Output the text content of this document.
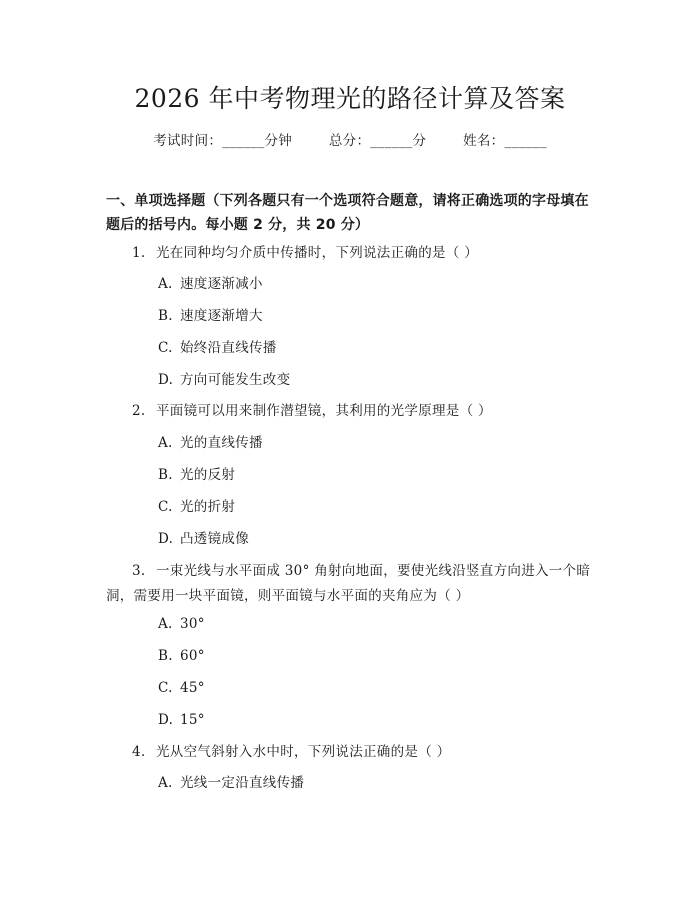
2026 年中考物理光的路径计算及答案
考试时间：______分钟	总分：______分	姓名：______
一、单项选择题（下列各题只有一个选项符合题意，请将正确选项的字母填在题后的括号内。每小题 2 分，共 20 分）
1. 光在同种均匀介质中传播时，下列说法正确的是（ ）
A. 速度逐渐减小
B. 速度逐渐增大
C. 始终沿直线传播
D. 方向可能发生改变
2. 平面镜可以用来制作潜望镜，其利用的光学原理是（ ）
A. 光的直线传播
B. 光的反射
C. 光的折射
D. 凸透镜成像
3. 一束光线与水平面成 30° 角射向地面，要使光线沿竖直方向进入一个暗洞，需要用一块平面镜，则平面镜与水平面的夹角应为（ ）
A. 30°
B. 60°
C. 45°
D. 15°
4. 光从空气斜射入水中时，下列说法正确的是（ ）
A. 光线一定沿直线传播
